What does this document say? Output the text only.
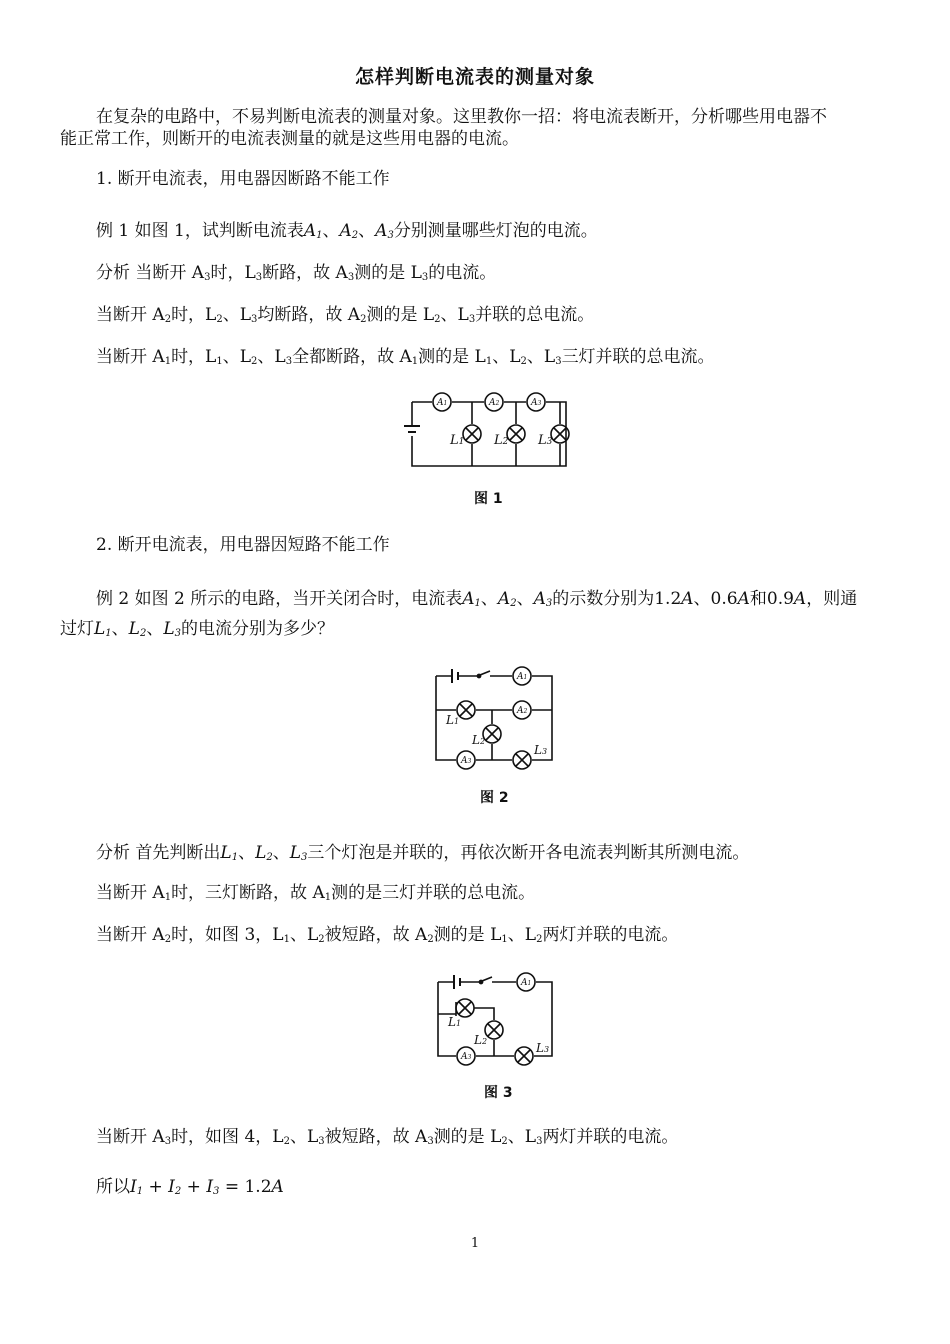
怎样判断电流表的测量对象
在复杂的电路中，不易判断电流表的测量对象。这里教你一招：将电流表断开，分析哪些用电器不
能正常工作，则断开的电流表测量的就是这些用电器的电流。
1. 断开电流表，用电器因断路不能工作
例 1 如图 1，试判断电流表$A_1$、$A_2$、$A_3$分别测量哪些灯泡的电流。
分析 当断开 $A_3$时，$L_3$断路，故 $A_3$测的是 $L_3$的电流。
当断开 $A_2$时，$L_2$、$L_3$均断路，故 $A_2$测的是 $L_2$、$L_3$并联的总电流。
当断开 $A_1$时，$L_1$、$L_2$、$L_3$全都断路，故 $A_1$测的是 $L_1$、$L_2$、$L_3$三灯并联的总电流。
A1	A2	A3
L1 L2 L3
图 1
2. 断开电流表，用电器因短路不能工作
例 2 如图 2 所示的电路，当开关闭合时，电流表$A_1$、$A_2$、$A_3$的示数分别为1.2A、0.6A和0.9A，则通
过灯$L_1$、$L_2$、$L_3$的电流分别为多少？
A1
A2
A3
L1
L2
L3
图 2
分析 首先判断出$L_1$、$L_2$、$L_3$三个灯泡是并联的，再依次断开各电流表判断其所测电流。
当断开 $A_1$时，三灯断路，故 $A_1$测的是三灯并联的总电流。
当断开 $A_2$时，如图 3，$L_1$、$L_2$被短路，故 $A_2$测的是 $L_1$、$L_2$两灯并联的电流。
A1
A3
L1
L2	L3
图 3
当断开 $A_3$时，如图 4，$L_2$、$L_3$被短路，故 $A_3$测的是 $L_2$、$L_3$两灯并联的电流。
所以$I_1 + I_2 + I_3 = 1.2A$
1
